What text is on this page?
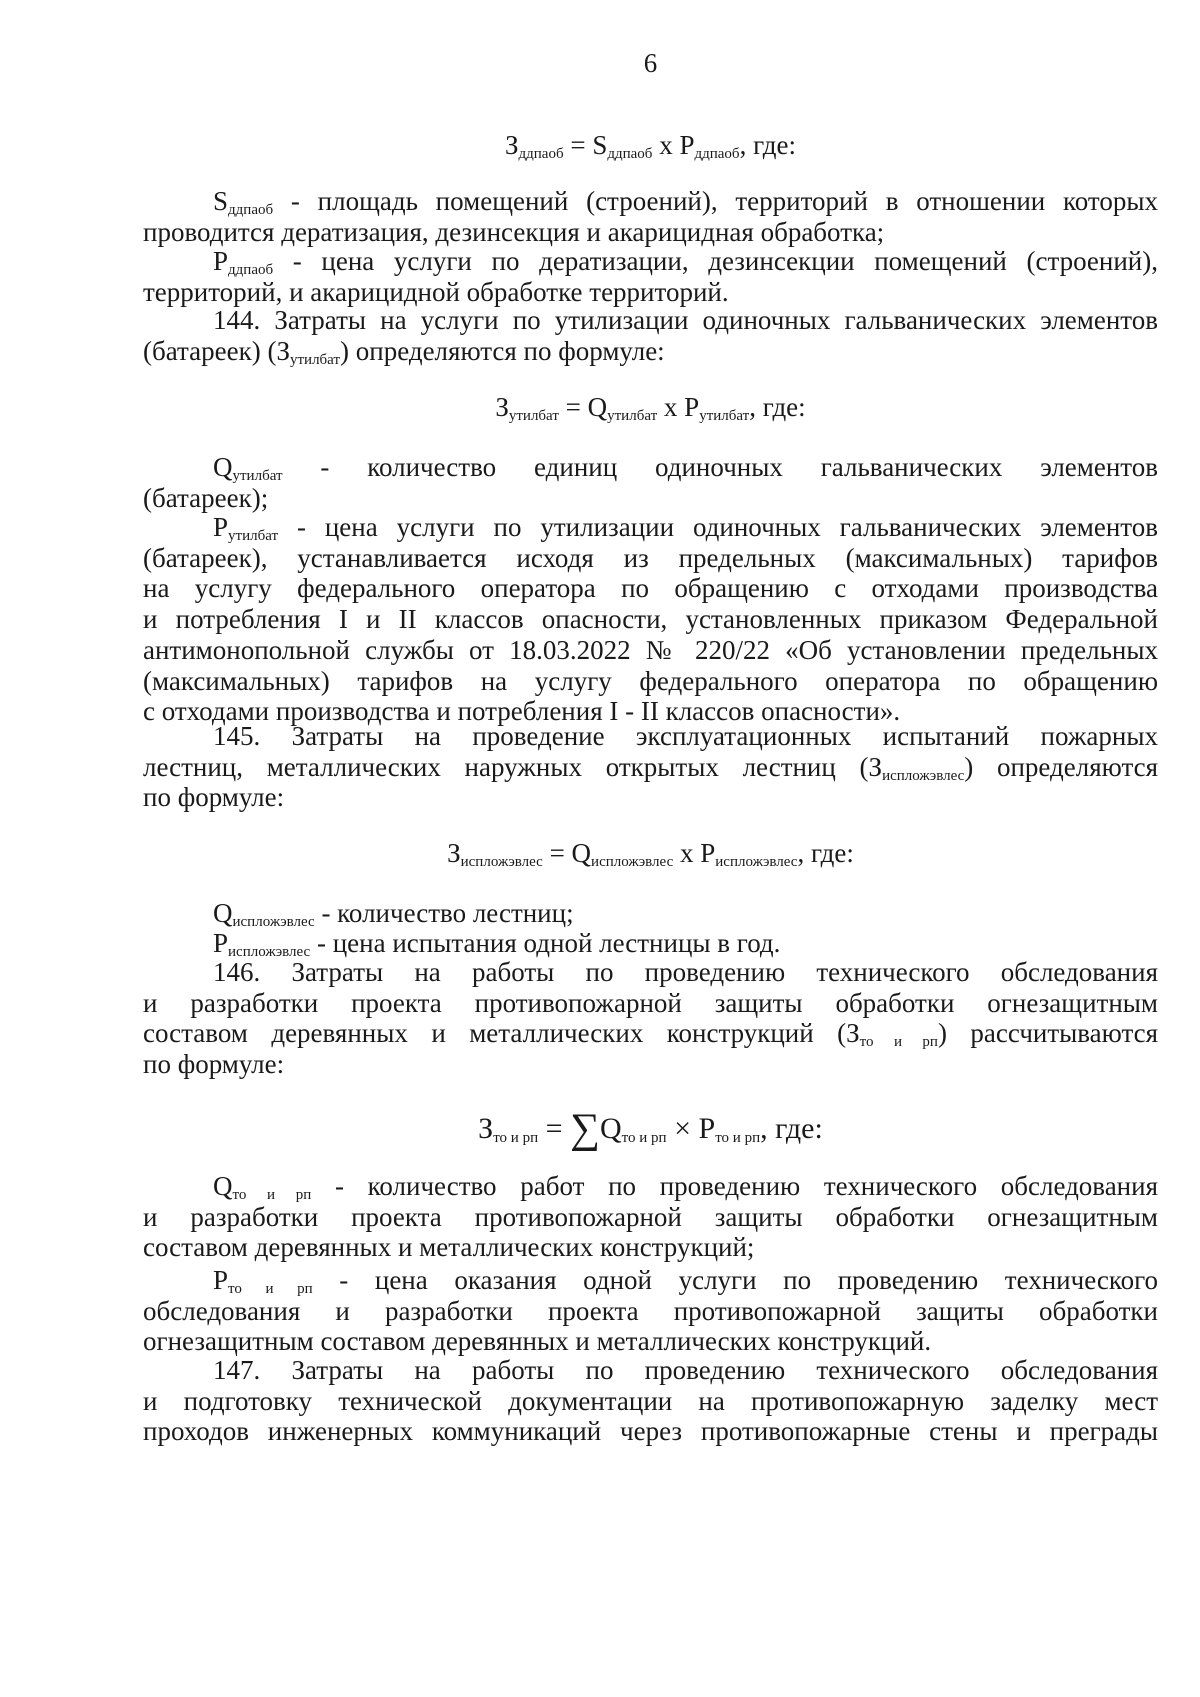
6
$З_{ддпаоб} = S_{ддпаоб}$ x $P_{ддпаоб}$, где:
$S_{ддпаоб}$ - площадь помещений (строений), территорий в отношении которых
проводится дератизация, дезинсекция и акарицидная обработка;
$P_{ддпаоб}$ - цена услуги по дератизации, дезинсекции помещений (строений),
территорий, и акарицидной обработке территорий.
144. Затраты на услуги по утилизации одиночных гальванических элементов
(батареек) $(З_{утилбат})$ определяются по формуле:
$З_{утилбат} = Q_{утилбат}$ x $P_{утилбат}$, где:
$Q_{утилбат}$ - количество единиц одиночных гальванических элементов
(батареек);
$P_{утилбат}$ - цена услуги по утилизации одиночных гальванических элементов
(батареек), устанавливается исходя из предельных (максимальных) тарифов
на услугу федерального оператора по обращению с отходами производства
и потребления I и II классов опасности, установленных приказом Федеральной
антимонопольной службы от 18.03.2022 № 220/22 «Об установлении предельных
(максимальных) тарифов на услугу федерального оператора по обращению
с отходами производства и потребления I - II классов опасности».
145. Затраты на проведение эксплуатационных испытаний пожарных
лестниц, металлических наружных открытых лестниц $(З_{испложэвлес})$ определяются
по формуле:
$З_{испложэвлес} = Q_{испложэвлес}$ x $P_{испложэвлес}$, где:
$Q_{испложэвлес}$ - количество лестниц;
$P_{испложэвлес}$ - цена испытания одной лестницы в год.
146. Затраты на работы по проведению технического обследования
и разработки проекта противопожарной защиты обработки огнезащитным
составом деревянных и металлических конструкций $(З_{то и рп})$ рассчитываются
по формуле:
$З_{то и рп} = \sum Q_{то и рп} \times P_{то и рп}$, где:
$Q_{то и рп}$ - количество работ по проведению технического обследования
и разработки проекта противопожарной защиты обработки огнезащитным
составом деревянных и металлических конструкций;
$P_{то и рп}$ - цена оказания одной услуги по проведению технического
обследования и разработки проекта противопожарной защиты обработки
огнезащитным составом деревянных и металлических конструкций.
147. Затраты на работы по проведению технического обследования
и подготовку технической документации на противопожарную заделку мест
проходов инженерных коммуникаций через противопожарные стены и преграды
